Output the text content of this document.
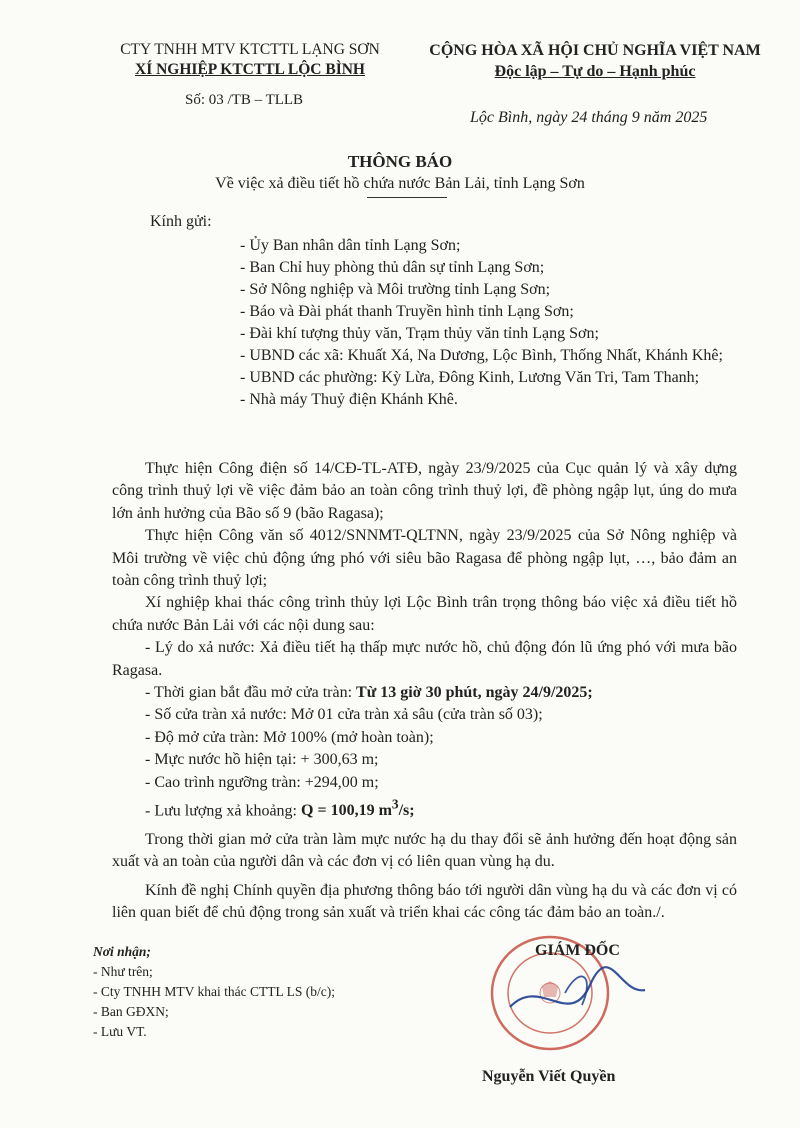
CTY TNHH MTV KTCTTL LẠNG SƠN
XÍ NGHIỆP KTCTTL LỘC BÌNH
CỘNG HÒA XÃ HỘI CHỦ NGHĨA VIỆT NAM
Độc lập – Tự do – Hạnh phúc
Số: 03 /TB – TLLB
Lộc Bình, ngày 24 tháng 9 năm 2025
THÔNG BÁO
Về việc xả điều tiết hồ chứa nước Bản Lải, tỉnh Lạng Sơn
Kính gửi:
- Ủy Ban nhân dân tỉnh Lạng Sơn;
- Ban Chỉ huy phòng thủ dân sự tỉnh Lạng Sơn;
- Sở Nông nghiệp và Môi trường tỉnh Lạng Sơn;
- Báo và Đài phát thanh Truyền hình tỉnh Lạng Sơn;
- Đài khí tượng thủy văn, Trạm thủy văn tỉnh Lạng Sơn;
- UBND các xã: Khuất Xá, Na Dương, Lộc Bình, Thống Nhất, Khánh Khê;
- UBND các phường: Kỳ Lừa, Đông Kinh, Lương Văn Tri, Tam Thanh;
- Nhà máy Thuỷ điện Khánh Khê.

Thực hiện Công điện số 14/CĐ-TL-ATĐ, ngày 23/9/2025 của Cục quản lý và xây dựng công trình thuỷ lợi về việc đảm bảo an toàn công trình thuỷ lợi, đề phòng ngập lụt, úng do mưa lớn ảnh hưởng của Bão số 9 (bão Ragasa);

Thực hiện Công văn số 4012/SNNMT-QLTNN, ngày 23/9/2025 của Sở Nông nghiệp và Môi trường về việc chủ động ứng phó với siêu bão Ragasa để phòng ngập lụt, …, bảo đảm an toàn công trình thuỷ lợi;

Xí nghiệp khai thác công trình thủy lợi Lộc Bình trân trọng thông báo việc xả điều tiết hồ chứa nước Bản Lải với các nội dung sau:

- Lý do xả nước: Xả điều tiết hạ thấp mực nước hồ, chủ động đón lũ ứng phó với mưa bão Ragasa.

- Thời gian bắt đầu mở cửa tràn: Từ 13 giờ 30 phút, ngày 24/9/2025;

- Số cửa tràn xả nước: Mở 01 cửa tràn xả sâu (cửa tràn số 03);

- Độ mở cửa tràn: Mở 100% (mở hoàn toàn);

- Mực nước hồ hiện tại: + 300,63 m;

- Cao trình ngưỡng tràn: +294,00 m;

- Lưu lượng xả khoảng: Q = 100,19 $m^3/s$;

Trong thời gian mở cửa tràn làm mực nước hạ du thay đổi sẽ ảnh hưởng đến hoạt động sản xuất và an toàn của người dân và các đơn vị có liên quan vùng hạ du.

Kính đề nghị Chính quyền địa phương thông báo tới người dân vùng hạ du và các đơn vị có liên quan biết để chủ động trong sản xuất và triển khai các công tác đảm bảo an toàn./.

Nơi nhận;
- Như trên;
- Cty TNHH MTV khai thác CTTL LS (b/c);
- Ban GĐXN;
- Lưu VT.
GIÁM ĐỐC
Nguyễn Viết Quyền
